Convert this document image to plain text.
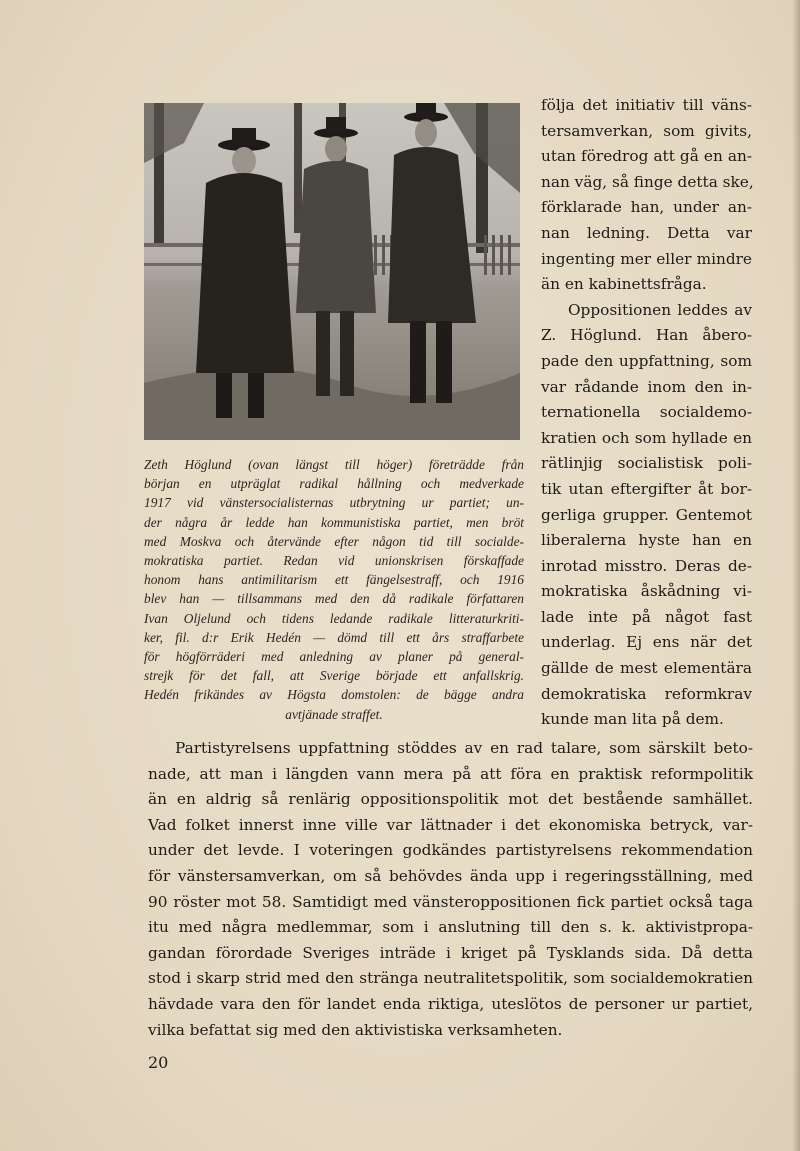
Zeth Höglund (ovan längst till höger) företrädde från
början en utpräglat radikal hållning och medverkade
1917 vid vänstersocialisternas utbrytning ur partiet; un-
der några år ledde han kommunistiska partiet, men bröt
med Moskva och återvände efter någon tid till socialde-
mokratiska partiet. Redan vid unionskrisen förskaffade
honom hans antimilitarism ett fängelsestraff, och 1916
blev han — tillsammans med den då radikale författaren
Ivan Oljelund och tidens ledande radikale litteraturkriti-
ker, fil. d:r Erik Hedén — dömd till ett års straffarbete
för högförräderi med anledning av planer på general-
strejk för det fall, att Sverige började ett anfallskrig.
Hedén frikändes av Högsta domstolen: de bägge andra
avtjänade straffet.
följa det initiativ till väns-
tersamverkan, som givits,
utan föredrog att gå en an-
nan väg, så finge detta ske,
förklarade han, under an-
nan ledning. Detta var
ingenting mer eller mindre
än en kabinettsfråga.
Oppositionen leddes av
Z. Höglund. Han åbero-
pade den uppfattning, som
var rådande inom den in-
ternationella socialdemo-
kratien och som hyllade en
rätlinjig socialistisk poli-
tik utan eftergifter åt bor-
gerliga grupper. Gentemot
liberalerna hyste han en
inrotad misstro. Deras de-
mokratiska åskådning vi-
lade inte på något fast
underlag. Ej ens när det
gällde de mest elementära
demokratiska reformkrav
kunde man lita på dem.
Partistyrelsens uppfattning stöddes av en rad talare, som särskilt beto-
nade, att man i längden vann mera på att föra en praktisk reformpolitik
än en aldrig så renlärig oppositionspolitik mot det bestående samhället.
Vad folket innerst inne ville var lättnader i det ekonomiska betryck, var-
under det levde. I voteringen godkändes partistyrelsens rekommendation
för vänstersamverkan, om så behövdes ända upp i regeringsställning, med
90 röster mot 58. Samtidigt med vänsteroppositionen fick partiet också taga
itu med några medlemmar, som i anslutning till den s. k. aktivistpropa-
gandan förordade Sveriges inträde i kriget på Tysklands sida. Då detta
stod i skarp strid med den stränga neutralitetspolitik, som socialdemokratien
hävdade vara den för landet enda riktiga, uteslötos de personer ur partiet,
vilka befattat sig med den aktivistiska verksamheten.
20
